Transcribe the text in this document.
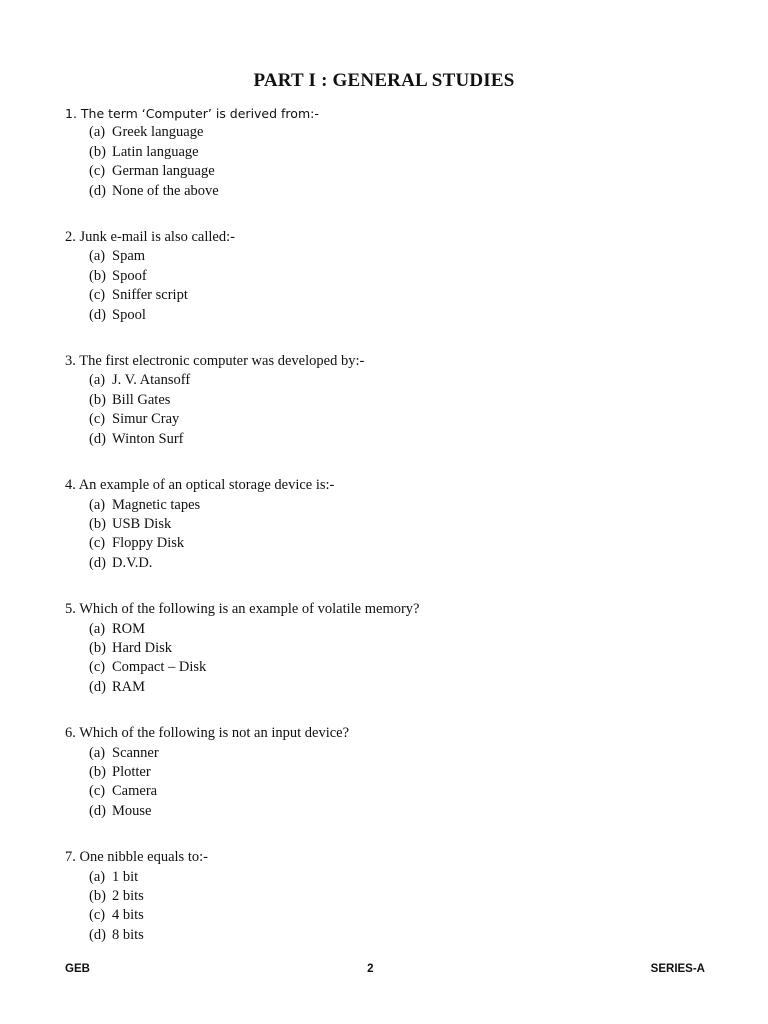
PART I : GENERAL STUDIES
1. The term ‘Computer’ is derived from:-
(a) Greek language
(b) Latin language
(c) German language
(d) None of the above
2. Junk e-mail is also called:-
(a) Spam
(b) Spoof
(c) Sniffer script
(d) Spool
3. The first electronic computer was developed by:-
(a) J. V. Atansoff
(b) Bill Gates
(c) Simur Cray
(d) Winton Surf
4. An example of an optical storage device is:-
(a) Magnetic tapes
(b) USB Disk
(c) Floppy Disk
(d) D.V.D.
5. Which of the following is an example of volatile memory?
(a) ROM
(b) Hard Disk
(c) Compact – Disk
(d) RAM
6. Which of the following is not an input device?
(a) Scanner
(b) Plotter
(c) Camera
(d) Mouse
7. One nibble equals to:-
(a) 1 bit
(b) 2 bits
(c) 4 bits
(d) 8 bits
GEB	2	SERIES-A
